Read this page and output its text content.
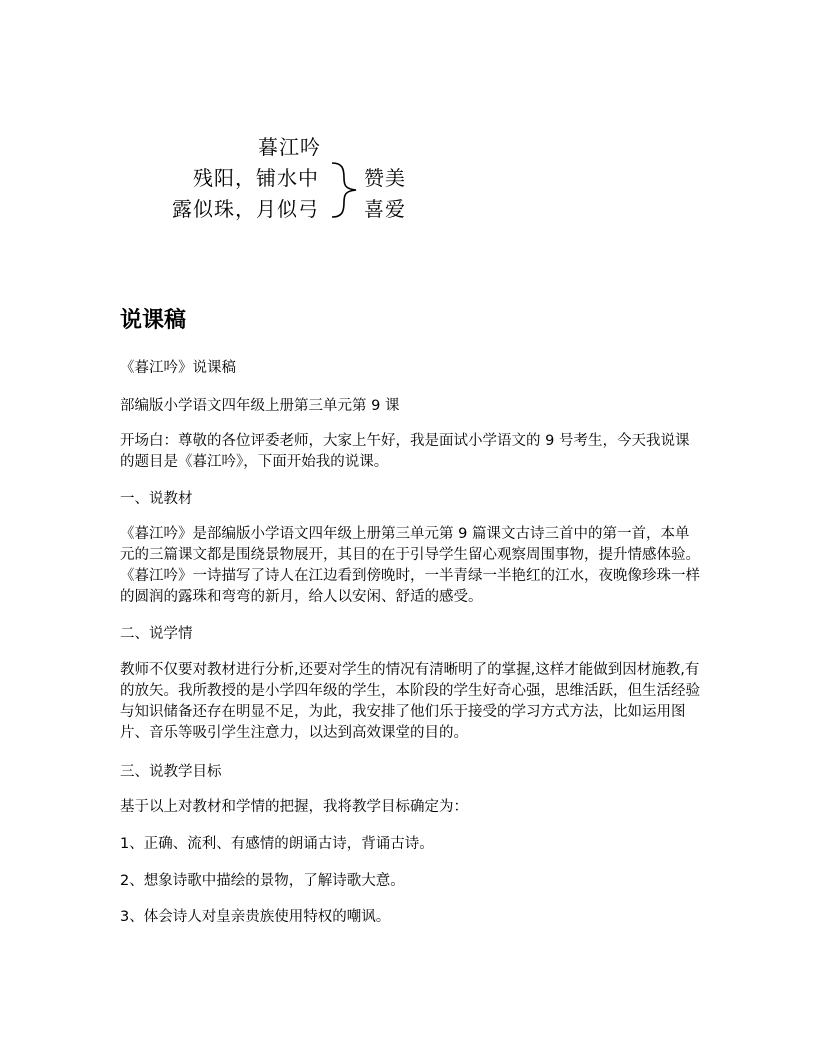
暮江吟
残阳，铺水中
露似珠，月似弓
赞美
喜爱
说课稿

《暮江吟》说课稿

部编版小学语文四年级上册第三单元第 9 课

开场白：尊敬的各位评委老师，大家上午好，我是面试小学语文的 9 号考生，今天我说课的题目是《暮江吟》，下面开始我的说课。

一、说教材

《暮江吟》是部编版小学语文四年级上册第三单元第 9 篇课文古诗三首中的第一首，本单元的三篇课文都是围绕景物展开，其目的在于引导学生留心观察周围事物，提升情感体验。《暮江吟》一诗描写了诗人在江边看到傍晚时，一半青绿一半艳红的江水，夜晚像珍珠一样的圆润的露珠和弯弯的新月，给人以安闲、舒适的感受。

二、说学情

教师不仅要对教材进行分析,还要对学生的情况有清晰明了的掌握,这样才能做到因材施教,有的放矢。我所教授的是小学四年级的学生，本阶段的学生好奇心强，思维活跃，但生活经验与知识储备还存在明显不足，为此，我安排了他们乐于接受的学习方式方法，比如运用图片、音乐等吸引学生注意力，以达到高效课堂的目的。

三、说教学目标

基于以上对教材和学情的把握，我将教学目标确定为：

1、正确、流利、有感情的朗诵古诗，背诵古诗。

2、想象诗歌中描绘的景物，了解诗歌大意。

3、体会诗人对皇亲贵族使用特权的嘲讽。
